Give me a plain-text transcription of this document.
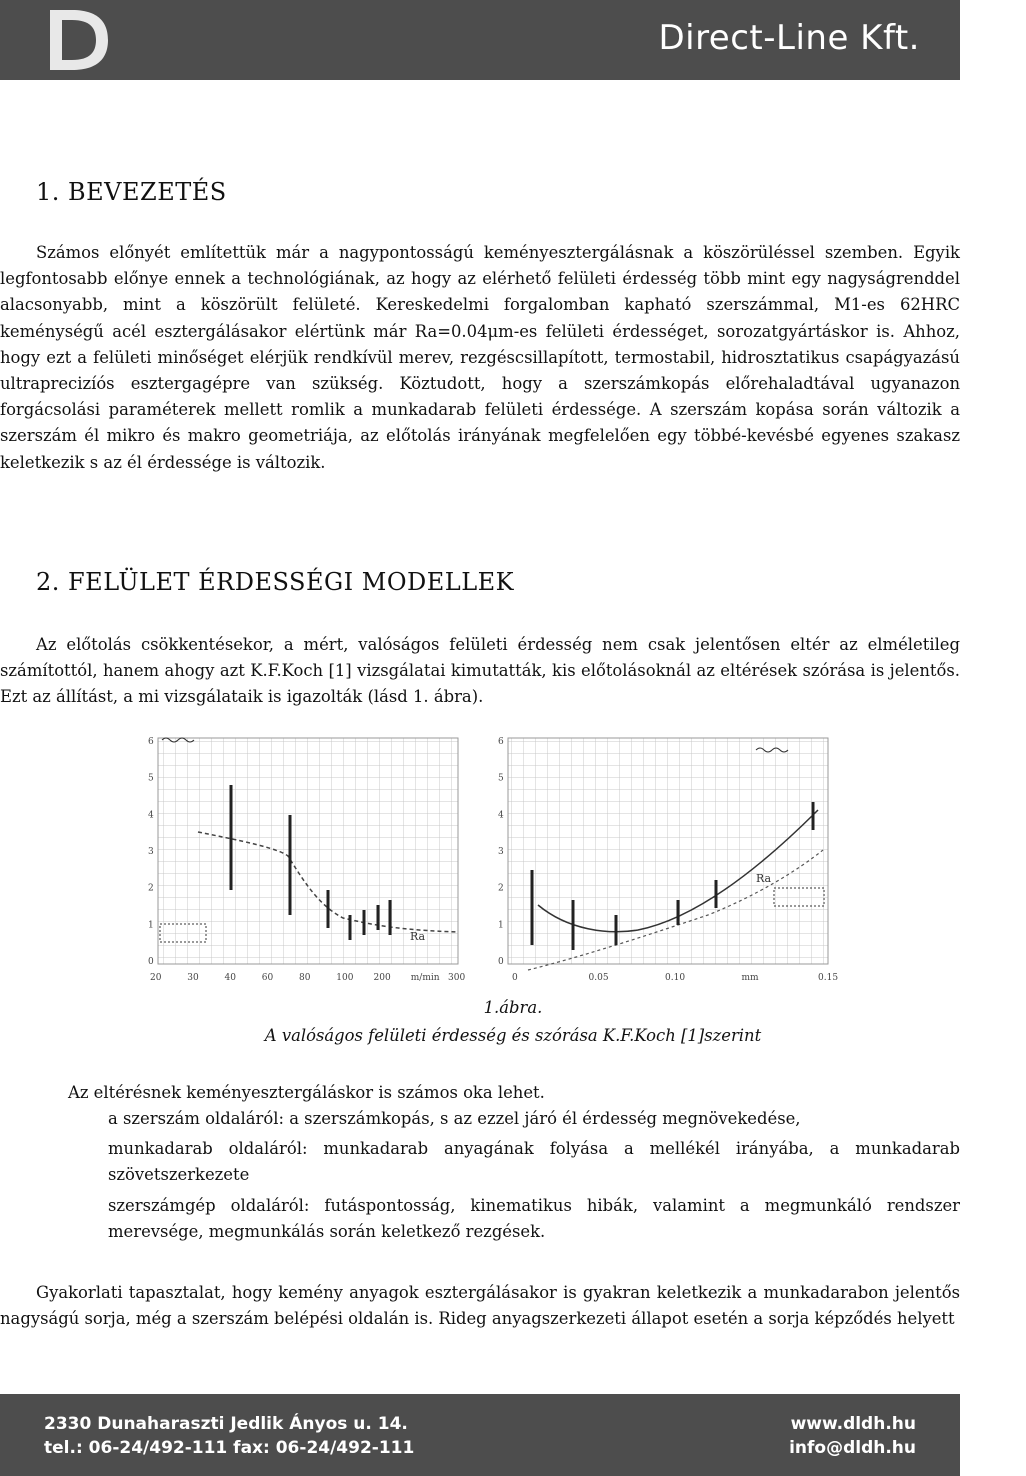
Direct-Line Kft.
1. BEVEZETÉS

Számos előnyét említettük már a nagypontosságú keményesztergálásnak a köszörüléssel szemben. Egyik legfontosabb előnye ennek a technológiának, az hogy az elérhető felületi érdesség több mint egy nagyságrenddel alacsonyabb, mint a köszörült felületé. Kereskedelmi forgalomban kapható szerszámmal, M1-es 62HRC keménységű acél esztergálásakor elértünk már Ra=0.04μm-es felületi érdességet, sorozatgyártáskor is. Ahhoz, hogy ezt a felületi minőséget elérjük rendkívül merev, rezgéscsillapított, termostabil, hidrosztatikus csapágyazású ultraprecizíós esztergagépre van szükség. Köztudott, hogy a szerszámkopás előrehaladtával ugyanazon forgácsolási paraméterek mellett romlik a munkadarab felületi érdessége. A szerszám kopása során változik a szerszám él mikro és makro geometriája, az előtolás irányának megfelelően egy többé-kevésbé egyenes szakasz keletkezik s az él érdessége is változik.

2. FELÜLET ÉRDESSÉGI MODELLEK

Az előtolás csökkentésekor, a mért, valóságos felületi érdesség nem csak jelentősen eltér az elméletileg számítottól, hanem ahogy azt K.F.Koch [1] vizsgálatai kimutatták, kis előtolásoknál az eltérések szórása is jelentős. Ezt az állítást, a mi vizsgálataik is igazolták (lásd 1. ábra).

Ra
6
5
4
3
2
1
0
20	30	40	60	80	100 200 m/min 300
Ra
6
5
4
3
2
1
0
0	0.05	0.10	mm	0.15
1.ábra.
A valóságos felületi érdesség és szórása K.F.Koch [1]szerint
Az eltérésnek keményesztergáláskor is számos oka lehet.
a szerszám oldaláról: a szerszámkopás, s az ezzel járó él érdesség megnövekedése,
munkadarab oldaláról: munkadarab anyagának folyása a mellékél irányába, a munkadarab szövetszerkezete
szerszámgép oldaláról: futáspontosság, kinematikus hibák, valamint a megmunkáló rendszer merevsége, megmunkálás során keletkező rezgések.

Gyakorlati tapasztalat, hogy kemény anyagok esztergálásakor is gyakran keletkezik a munkadarabon jelentős nagyságú sorja, még a szerszám belépési oldalán is. Rideg anyagszerkezeti állapot esetén a sorja képződés helyett

2330 Dunaharaszti Jedlik Ányos u. 14.
tel.: 06-24/492-111 fax: 06-24/492-111
www.dldh.hu
info@dldh.hu
